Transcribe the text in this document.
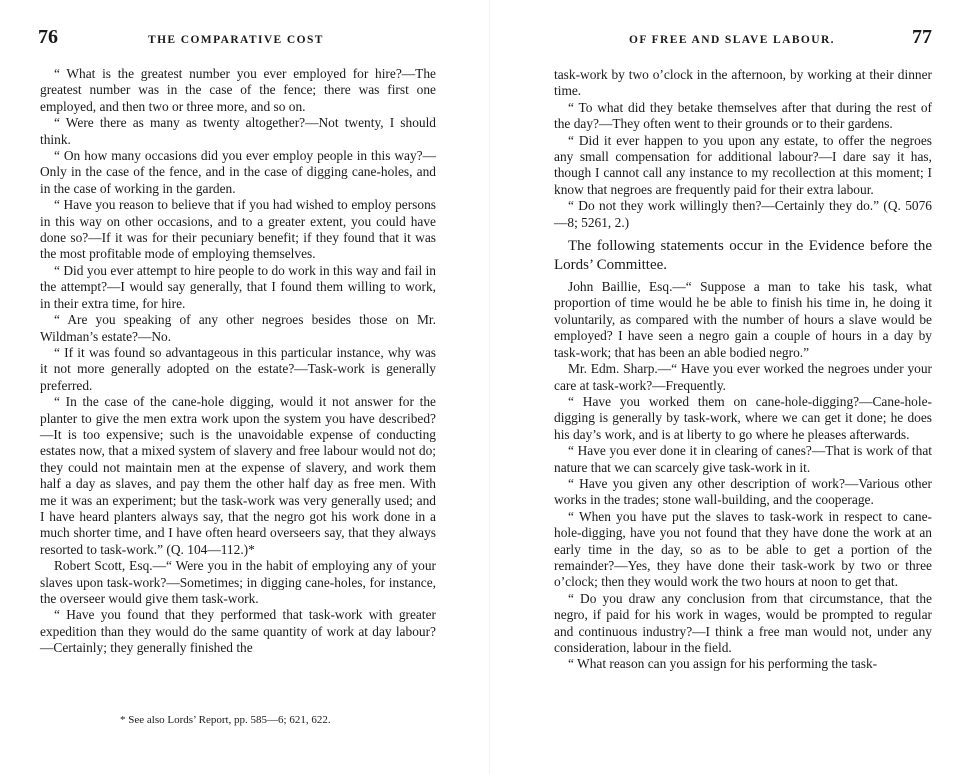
76	THE COMPARATIVE COST

“ What is the greatest number you ever employed for hire?—The greatest number was in the case of the fence; there was first one employed, and then two or three more, and so on.

“ Were there as many as twenty altogether?—Not twenty, I should think.

“ On how many occasions did you ever employ people in this way?—Only in the case of the fence, and in the case of digging cane-holes, and in the case of working in the garden.

“ Have you reason to believe that if you had wished to employ persons in this way on other occasions, and to a greater extent, you could have done so?—If it was for their pecuniary benefit; if they found that it was the most profitable mode of employing themselves.

“ Did you ever attempt to hire people to do work in this way and fail in the attempt?—I would say generally, that I found them willing to work, in their extra time, for hire.

“ Are you speaking of any other negroes besides those on Mr. Wildman’s estate?—No.

“ If it was found so advantageous in this particular instance, why was it not more generally adopted on the estate?—Task-work is generally preferred.

“ In the case of the cane-hole digging, would it not answer for the planter to give the men extra work upon the system you have described?—It is too expensive; such is the unavoidable expense of conducting estates now, that a mixed system of slavery and free labour would not do; they could not maintain men at the expense of slavery, and work them half a day as slaves, and pay them the other half day as free men. With me it was an experiment; but the task-work was very generally used; and I have heard planters always say, that the negro got his work done in a much shorter time, and I have often heard overseers say, that they always resorted to task-work.” (Q. 104—112.)*

Robert Scott, Esq.—“ Were you in the habit of employing any of your slaves upon task-work?—Sometimes; in digging cane-holes, for instance, the overseer would give them task-work.

“ Have you found that they performed that task-work with greater expedition than they would do the same quantity of work at day labour?—Certainly; they generally finished the

* See also Lords’ Report, pp. 585—6; 621, 622.
OF FREE AND SLAVE LABOUR.	77

task-work by two o’clock in the afternoon, by working at their dinner time.

“ To what did they betake themselves after that during the rest of the day?—They often went to their grounds or to their gardens.

“ Did it ever happen to you upon any estate, to offer the negroes any small compensation for additional labour?—I dare say it has, though I cannot call any instance to my recollection at this moment; I know that negroes are frequently paid for their extra labour.

“ Do not they work willingly then?—Certainly they do.” (Q. 5076—8; 5261, 2.)

The following statements occur in the Evidence before the Lords’ Committee.

John Baillie, Esq.—“ Suppose a man to take his task, what proportion of time would he be able to finish his time in, he doing it voluntarily, as compared with the number of hours a slave would be employed? I have seen a negro gain a couple of hours in a day by task-work; that has been an able bodied negro.”

Mr. Edm. Sharp.—“ Have you ever worked the negroes under your care at task-work?—Frequently.

“ Have you worked them on cane-hole-digging?—Cane-hole-digging is generally by task-work, where we can get it done; he does his day’s work, and is at liberty to go where he pleases afterwards.

“ Have you ever done it in clearing of canes?—That is work of that nature that we can scarcely give task-work in it.

“ Have you given any other description of work?—Various other works in the trades; stone wall-building, and the cooperage.

“ When you have put the slaves to task-work in respect to cane-hole-digging, have you not found that they have done the work at an early time in the day, so as to be able to get a portion of the remainder?—Yes, they have done their task-work by two or three o’clock; then they would work the two hours at noon to get that.

“ Do you draw any conclusion from that circumstance, that the negro, if paid for his work in wages, would be prompted to regular and continuous industry?—I think a free man would not, under any consideration, labour in the field.

“ What reason can you assign for his performing the task-
